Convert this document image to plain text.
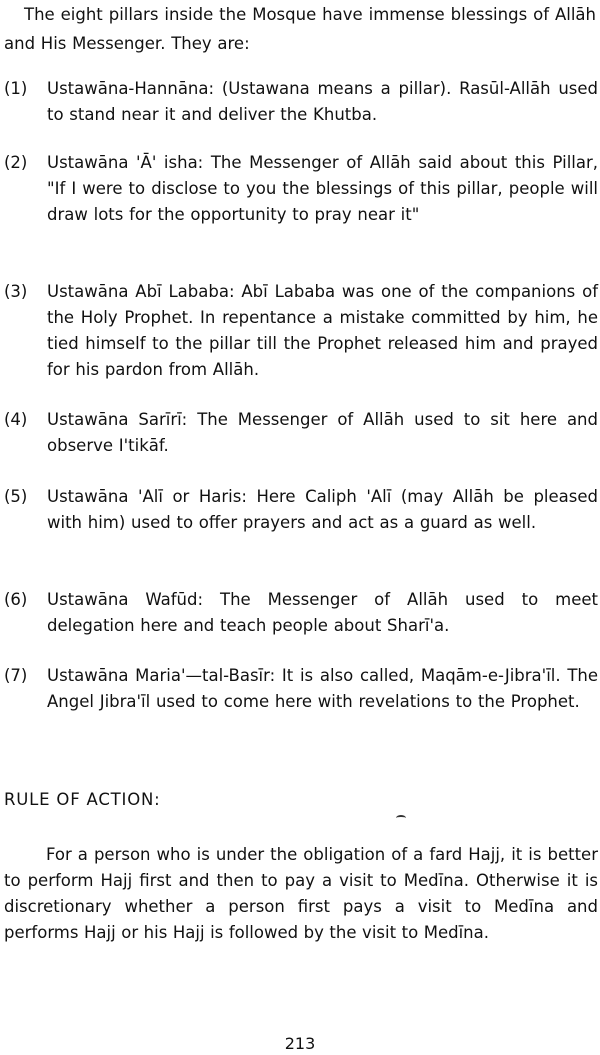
The eight pillars inside the Mosque have immense blessings of Allāh and His Messenger. They are:

(1)	Ustawāna-Hannāna: (Ustawana means a pillar). Rasūl-Allāh used to stand near it and deliver the Khutba.
(2)	Ustawāna 'Ā' isha: The Messenger of Allāh said about this Pillar, "If I were to disclose to you the blessings of this pillar, people will draw lots for the opportunity to pray near it"
(3)	Ustawāna Abī Lababa: Abī Lababa was one of the companions of the Holy Prophet. In repentance a mistake committed by him, he tied himself to the pillar till the Prophet released him and prayed for his pardon from Allāh.
(4)	Ustawāna Sarīrī: The Messenger of Allāh used to sit here and observe I'tikāf.
(5)	Ustawāna 'Alī or Haris: Here Caliph 'Alī (may Allāh be pleased with him) used to offer prayers and act as a guard as well.
(6)	Ustawāna Wafūd: The Messenger of Allāh used to meet delegation here and teach people about Sharī'a.
(7)	Ustawāna Maria'—tal-Basīr: It is also called, Maqām-e-Jibra'īl. The Angel Jibra'īl used to come here with revelations to the Prophet.
RULE OF ACTION:

For a person who is under the obligation of a fard Hajj, it is better to perform Hajj first and then to pay a visit to Medīna. Otherwise it is discretionary whether a person first pays a visit to Medīna and performs Hajj or his Hajj is followed by the visit to Medīna.

213
